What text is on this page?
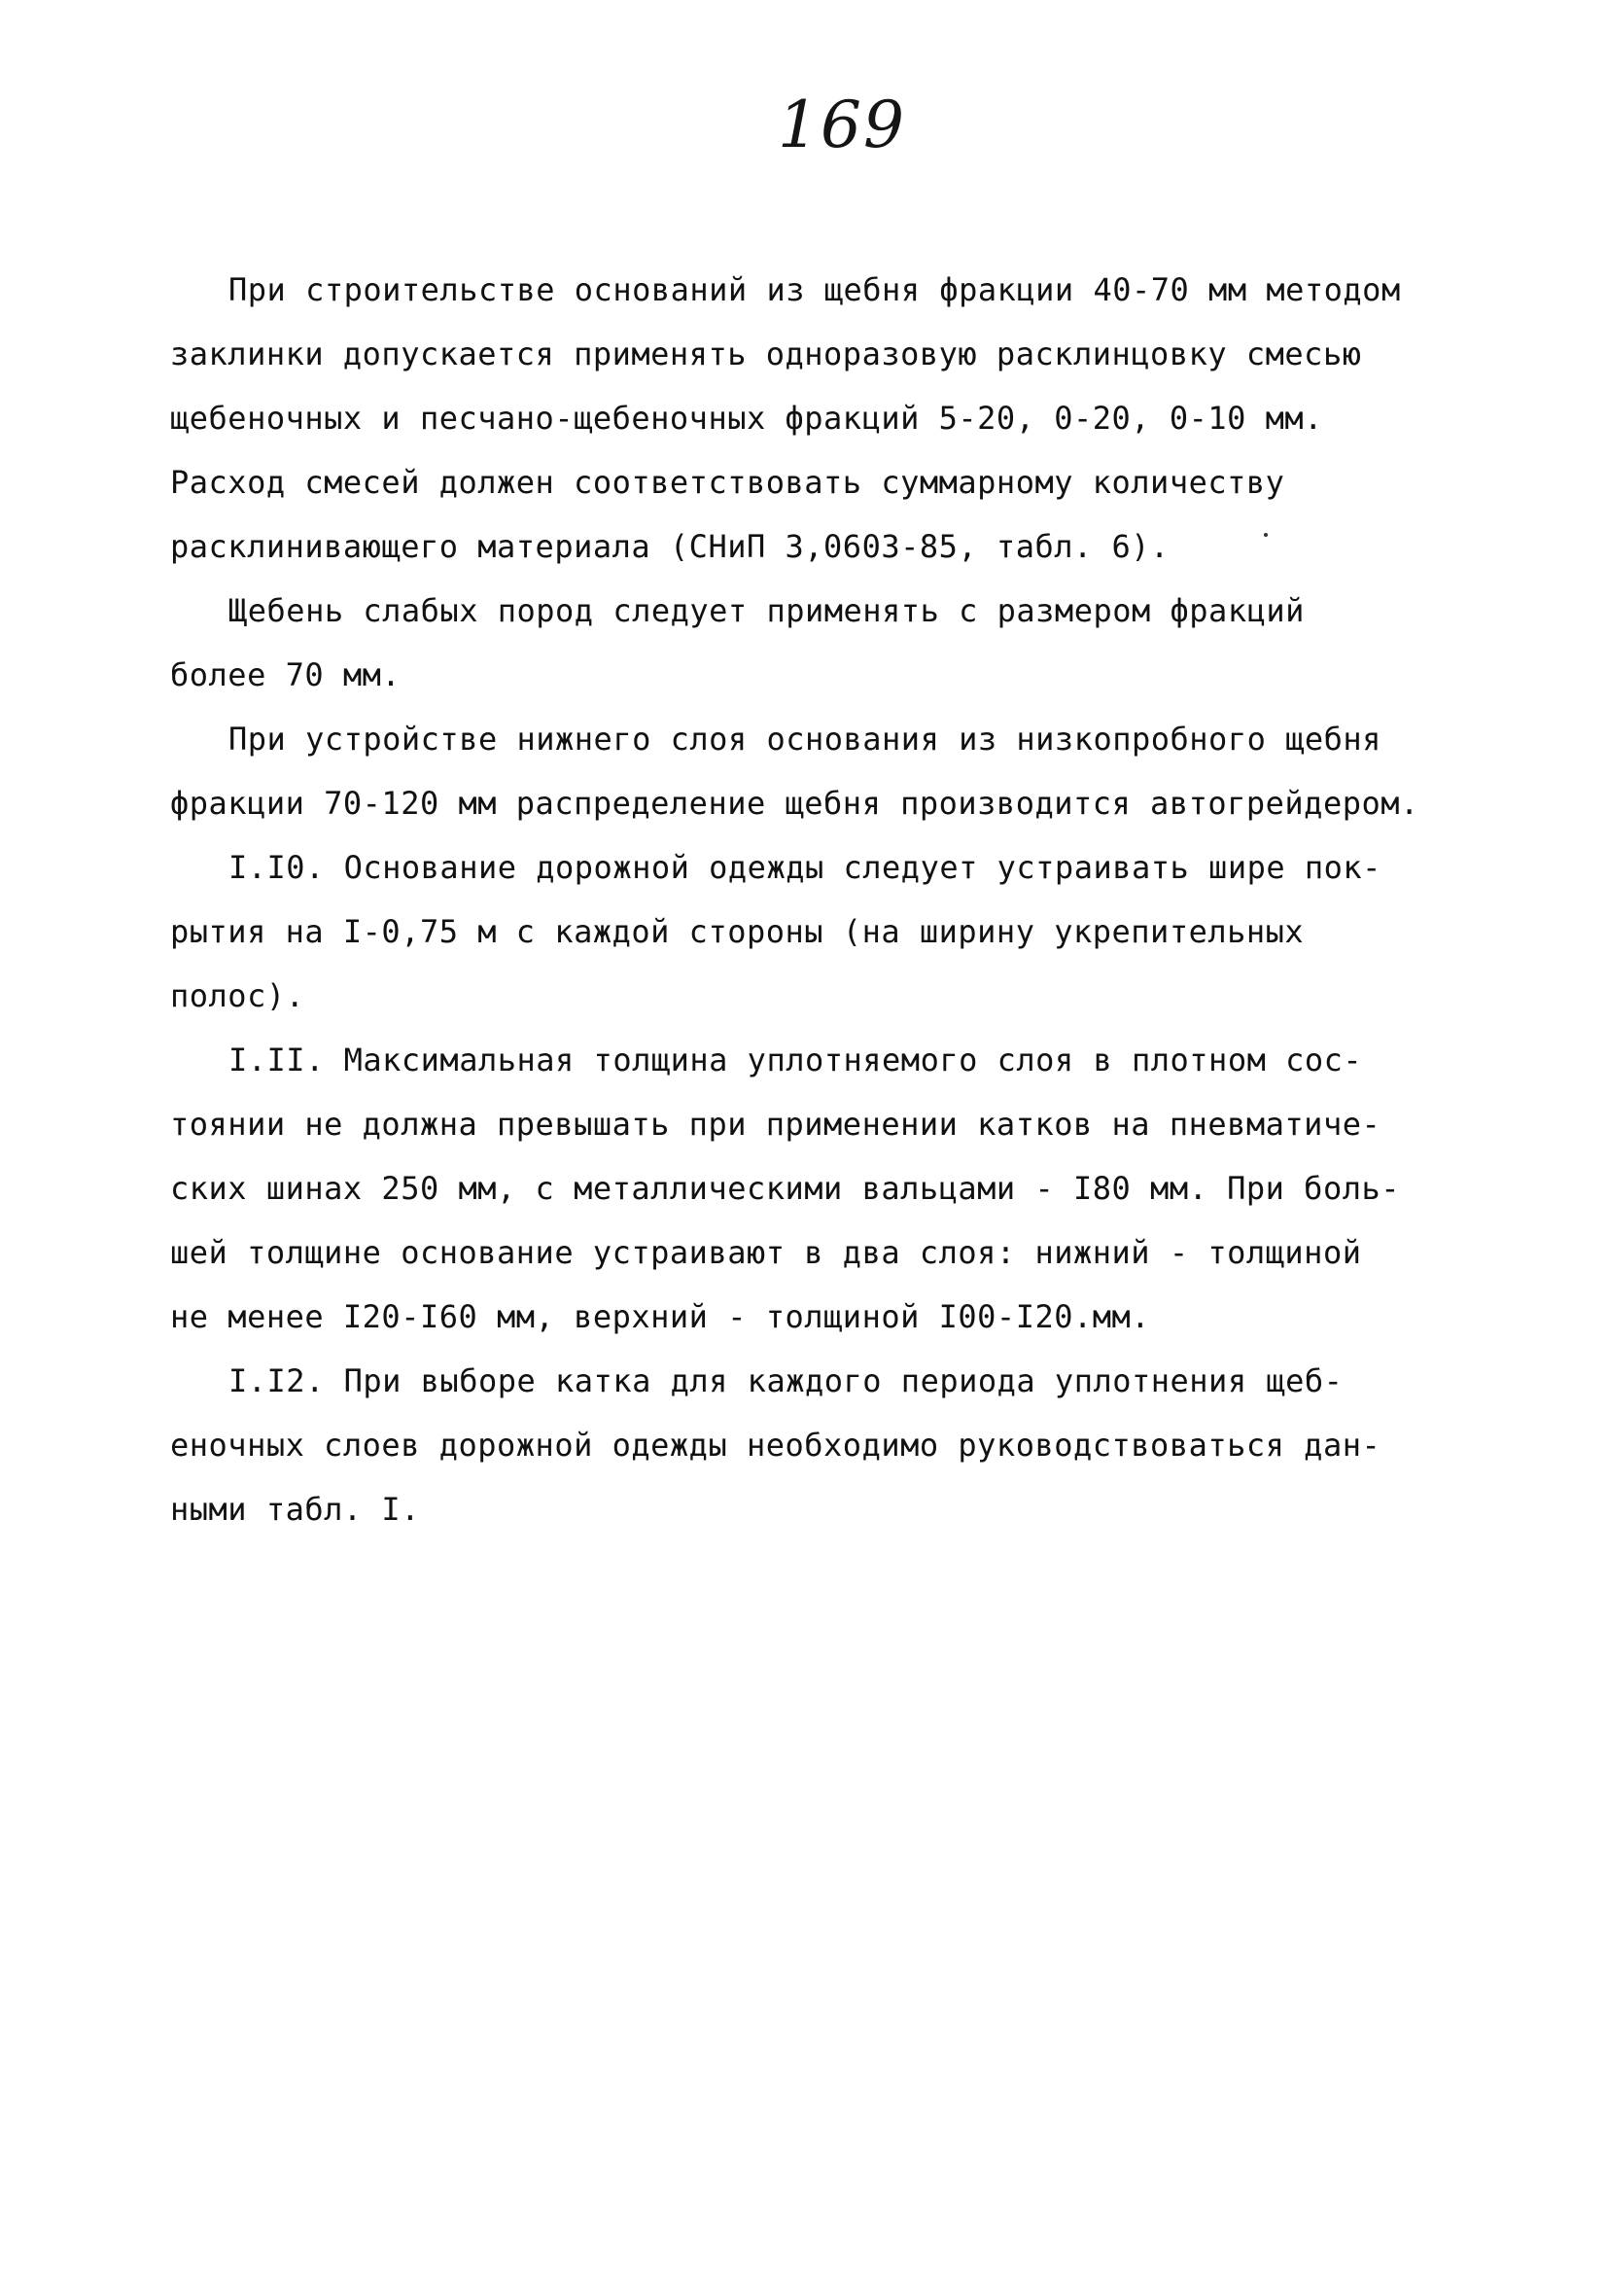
169
При строительстве оснований из щебня фракции 40-70 мм методом
заклинки допускается применять одноразовую расклинцовку смесью
щебеночных и песчано-щебеночных фракций 5-20, 0-20, 0-10 мм.
Расход смесей должен соответствовать суммарному количеству
расклинивающего материала (СНиП 3,0603-85, табл. 6).
Щебень слабых пород следует применять с размером фракций
более 70 мм.
При устройстве нижнего слоя основания из низкопробного щебня
фракции 70-120 мм распределение щебня производится автогрейдером.
I.I0. Основание дорожной одежды следует устраивать шире пок-
рытия на I-0,75 м с каждой стороны (на ширину укрепительных
полос).
I.II. Максимальная толщина уплотняемого слоя в плотном сос-
тоянии не должна превышать при применении катков на пневматиче-
ских шинах 250 мм, с металлическими вальцами - I80 мм. При боль-
шей толщине основание устраивают в два слоя: нижний - толщиной
не менее I20-I60 мм, верхний - толщиной I00-I20.мм.
I.I2. При выборе катка для каждого периода уплотнения щеб-
еночных слоев дорожной одежды необходимо руководствоваться дан-
ными табл. I.
